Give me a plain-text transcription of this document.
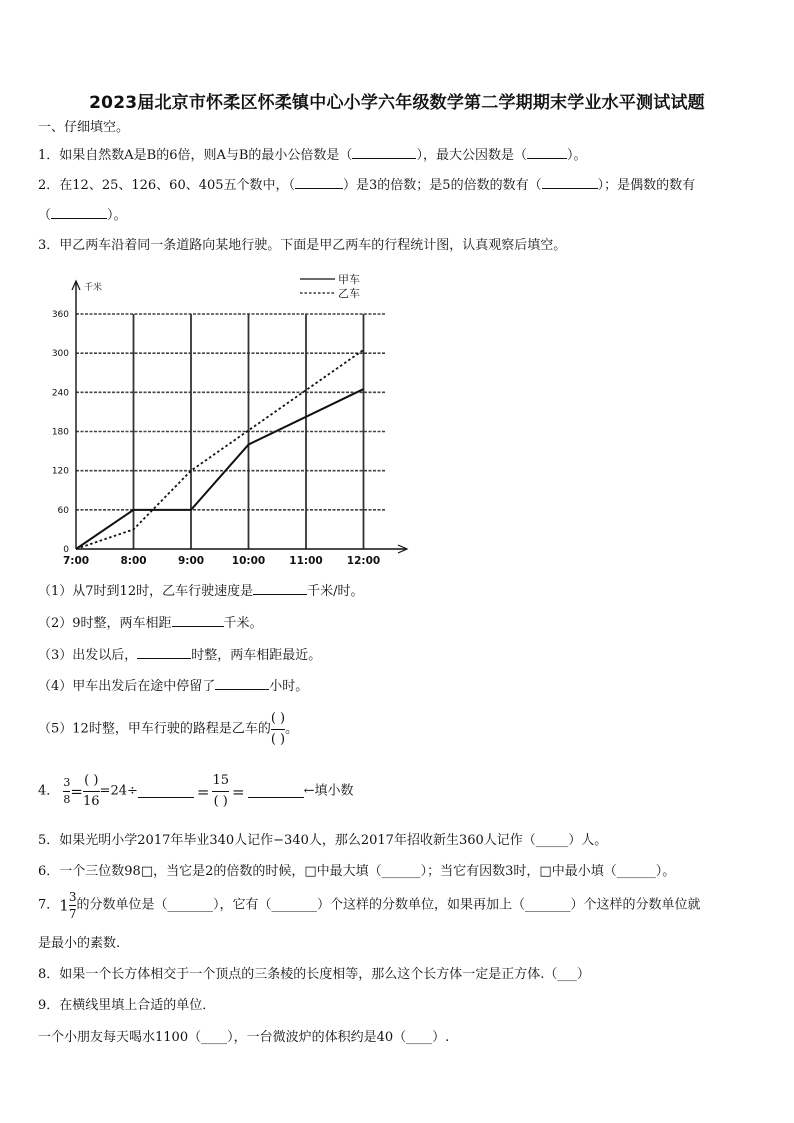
2023届北京市怀柔区怀柔镇中心小学六年级数学第二学期期末学业水平测试试题
一、仔细填空。
1．如果自然数A是B的6倍，则A与B的最小公倍数是（	），最大公因数是（	）。
2．在12、25、126、60、405五个数中，（	）是3的倍数；是5的倍数的数有（	）；是偶数的数有
（	）。
3．甲乙两车沿着同一条道路向某地行驶。下面是甲乙两车的行程统计图，认真观察后填空。
0
60
120
180
240
300
360
7:00	8:00	9:00	10:00 11:00 12:00
千米
甲车
乙车
（1）从7时到12时，乙车行驶速度是	千米/时。
（2）9时整，两车相距	千米。
（3）出发以后，	时整，两车相距最近。
（4）甲车出发后在途中停留了	小时。
（5）12时整，甲车行驶的路程是乙车的 $\frac{( )}{( )}$ 。
4． $\frac{3}{8} = \frac{( )}{16} =24\div$	= $\frac{15}{( )}$ =	←填小数
5．如果光明小学2017年毕业340人记作−340人，那么2017年招收新生360人记作（_____）人。
6．一个三位数98□，当它是2的倍数的时候，□中最大填（______）；当它有因数3时，□中最小填（______）。
7．$1 \frac{3}{7}$ 的分数单位是（_______），它有（_______）个这样的分数单位，如果再加上（_______）个这样的分数单位就
是最小的素数.
8．如果一个长方体相交于一个顶点的三条棱的长度相等，那么这个长方体一定是正方体.（___）
9．在横线里填上合适的单位．
一个小朋友每天喝水1100（____），一台微波炉的体积约是40（____）.
